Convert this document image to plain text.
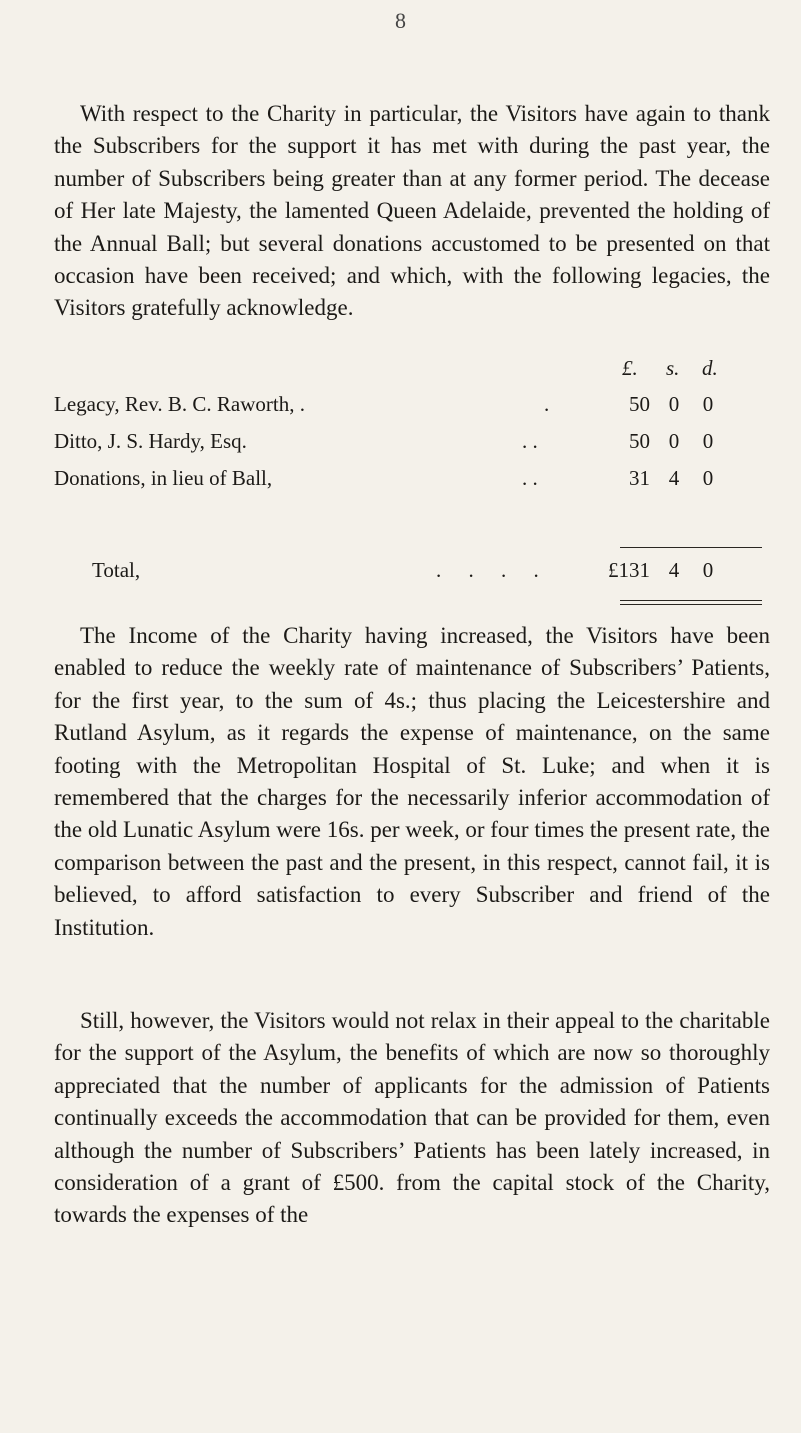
8

With respect to the Charity in particular, the Visitors have again to thank the Subscribers for the support it has met with during the past year, the number of Subscribers being greater than at any former period. The decease of Her late Majesty, the lamented Queen Adelaide, prevented the holding of the Annual Ball; but several donations accustomed to be presented on that occasion have been received; and which, with the following legacies, the Visitors gratefully acknowledge.

£. s. d.
Legacy, Rev. B. C. Raworth, .	.	50 0 0
Ditto, J. S. Hardy, Esq.	. .	50 0 0
Donations, in lieu of Ball,	. .	31 4 0
Total,	. . . .	£131 4 0

The Income of the Charity having increased, the Visitors have been enabled to reduce the weekly rate of maintenance of Subscribers’ Patients, for the first year, to the sum of 4s.; thus placing the Leicestershire and Rutland Asylum, as it regards the expense of maintenance, on the same footing with the Metropolitan Hospital of St. Luke; and when it is remembered that the charges for the necessarily inferior accommodation of the old Lunatic Asylum were 16s. per week, or four times the present rate, the comparison between the past and the present, in this respect, cannot fail, it is believed, to afford satisfaction to every Subscriber and friend of the Institution.

Still, however, the Visitors would not relax in their appeal to the charitable for the support of the Asylum, the benefits of which are now so thoroughly appreciated that the number of applicants for the admission of Patients continually exceeds the accommodation that can be provided for them, even although the number of Subscribers’ Patients has been lately increased, in consideration of a grant of £500. from the capital stock of the Charity, towards the expenses of the
